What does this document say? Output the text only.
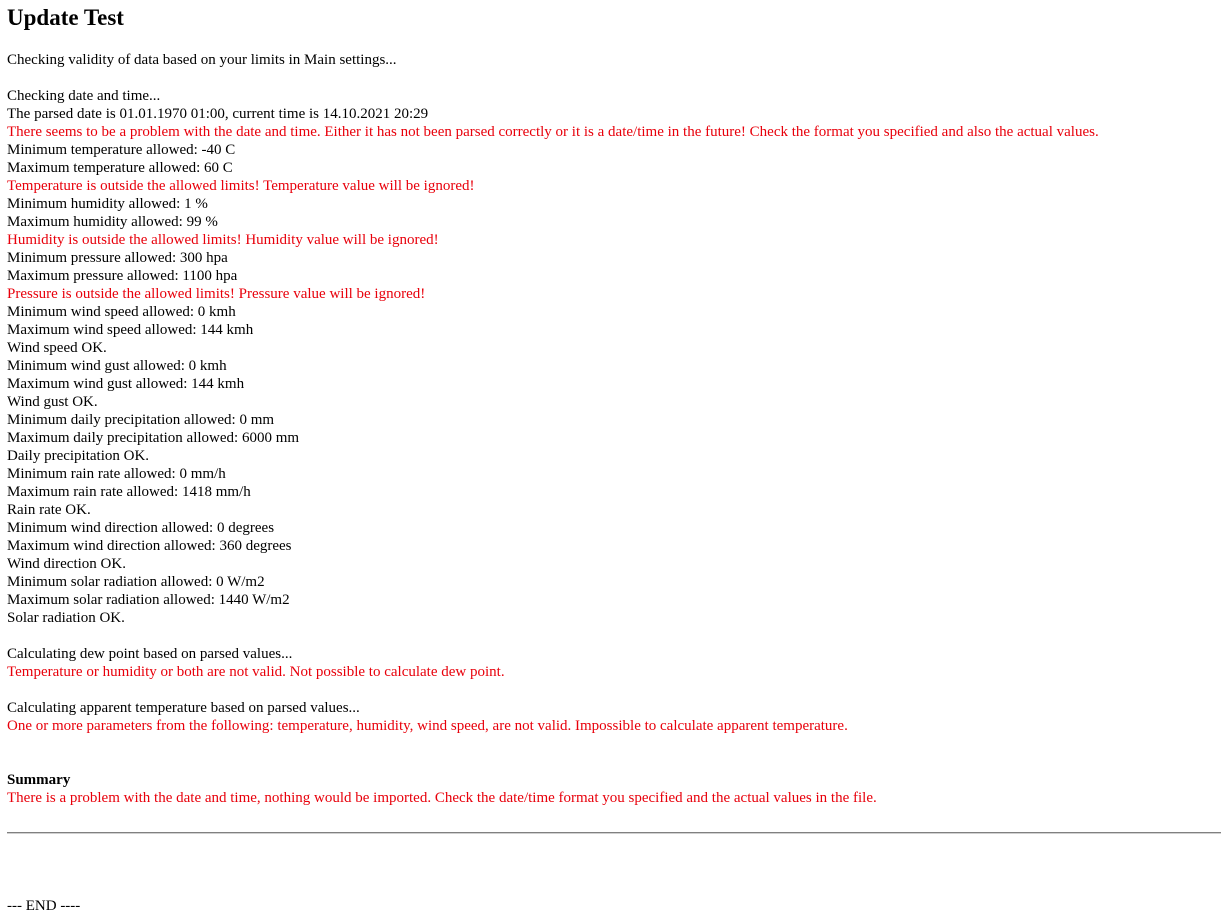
Update Test
Checking validity of data based on your limits in Main settings...
Checking date and time...
The parsed date is 01.01.1970 01:00, current time is 14.10.2021 20:29
There seems to be a problem with the date and time. Either it has not been parsed correctly or it is a date/time in the future! Check the format you specified and also the actual values.
Minimum temperature allowed: -40 C
Maximum temperature allowed: 60 C
Temperature is outside the allowed limits! Temperature value will be ignored!
Minimum humidity allowed: 1 %
Maximum humidity allowed: 99 %
Humidity is outside the allowed limits! Humidity value will be ignored!
Minimum pressure allowed: 300 hpa
Maximum pressure allowed: 1100 hpa
Pressure is outside the allowed limits! Pressure value will be ignored!
Minimum wind speed allowed: 0 kmh
Maximum wind speed allowed: 144 kmh
Wind speed OK.
Minimum wind gust allowed: 0 kmh
Maximum wind gust allowed: 144 kmh
Wind gust OK.
Minimum daily precipitation allowed: 0 mm
Maximum daily precipitation allowed: 6000 mm
Daily precipitation OK.
Minimum rain rate allowed: 0 mm/h
Maximum rain rate allowed: 1418 mm/h
Rain rate OK.
Minimum wind direction allowed: 0 degrees
Maximum wind direction allowed: 360 degrees
Wind direction OK.
Minimum solar radiation allowed: 0 W/m2
Maximum solar radiation allowed: 1440 W/m2
Solar radiation OK.
Calculating dew point based on parsed values...
Temperature or humidity or both are not valid. Not possible to calculate dew point.
Calculating apparent temperature based on parsed values...
One or more parameters from the following: temperature, humidity, wind speed, are not valid. Impossible to calculate apparent temperature.
Summary
There is a problem with the date and time, nothing would be imported. Check the date/time format you specified and the actual values in the file.
--- END ----
